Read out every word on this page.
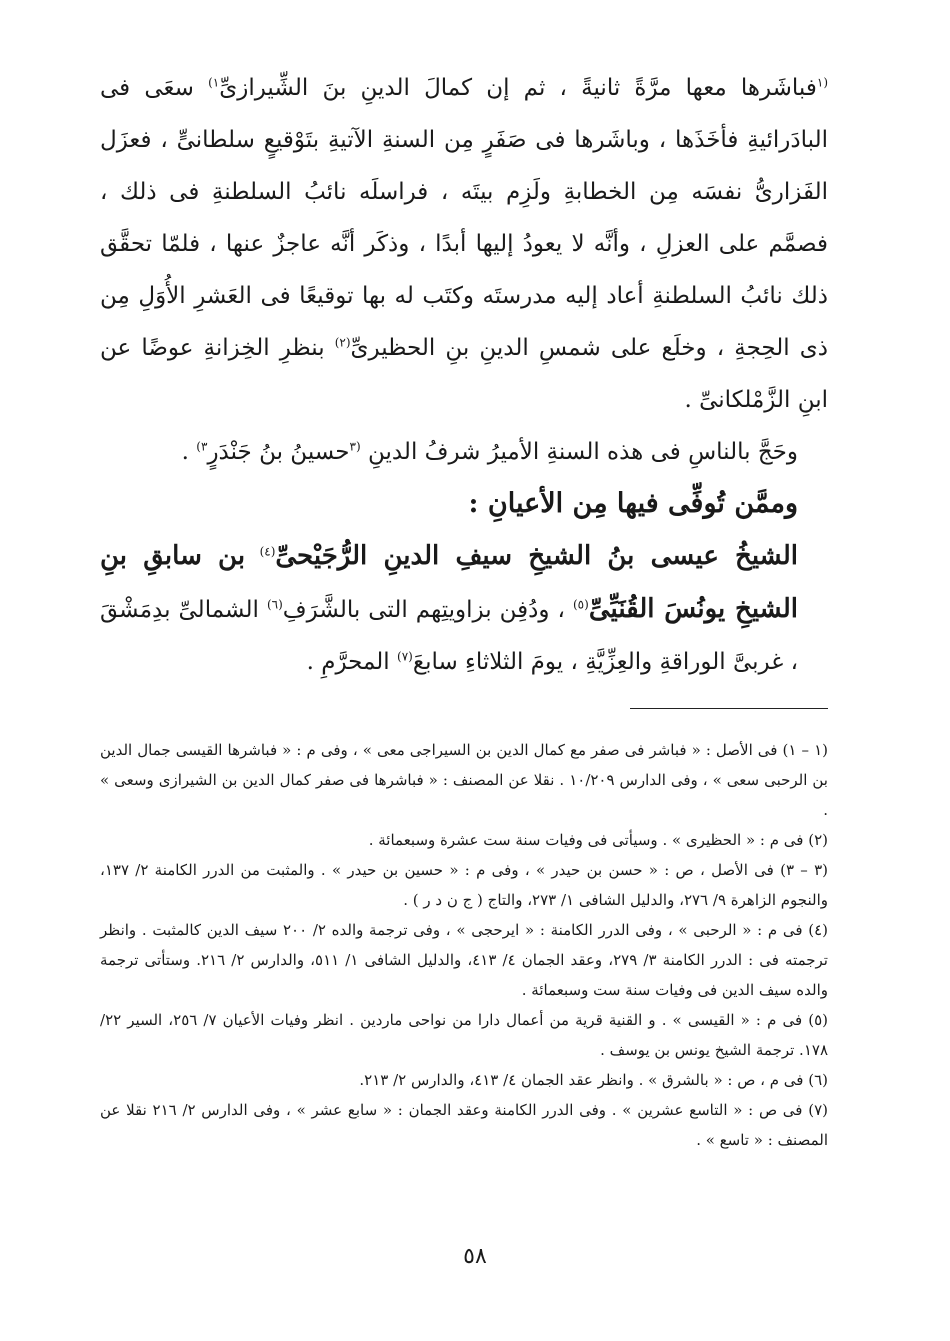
$^{(١}$فباشَرها معها مرَّةً ثانيةً ، ثم إن كمالَ الدينِ بنَ الشِّيرازىِّ$^{١)}$ سعَى فى البادَرائيةِ فأخَذَها ، وباشَرها فى صَفَرٍ مِن السنةِ الآتيةِ بتَوْقيعٍ سلطانىٍّ ، فعزَل الفَزارىُّ نفسَه مِن الخطابةِ ولَزِم بيتَه ، فراسلَه نائبُ السلطنةِ فى ذلك ، فصمَّم على العزلِ ، وأنَّه لا يعودُ إليها أبدًا ، وذكَر أنَّه عاجزٌ عنها ، فلمّا تحقَّق ذلك نائبُ السلطنةِ أعاد إليه مدرستَه وكتَب له بها توقيعًا فى العَشرِ الأُوَلِ مِن ذى الحِجةِ ، وخلَع على شمسِ الدينِ بنِ الحظيرىِّ$^{(٢)}$ بنظرِ الخِزانةِ عوضًا عن ابنِ الزَّمْلكانىِّ .

وحَجَّ بالناسِ فى هذه السنةِ الأميرُ شرفُ الدينِ $^{(٣}$حسينُ بنُ جَنْدَرٍ$^{٣)}$ .

وممَّن تُوفِّى فيها مِن الأعيانِ :

الشيخُ عيسى بنُ الشيخِ سيفِ الدينِ الرُّجَيْحىِّ$^{(٤)}$ بن سابقِ بنِ الشيخِ يونُسَ القُنَيِّىِّ$^{(٥)}$ ، ودُفِن بزاويتِهم التى بالشَّرَفِ$^{(٦)}$ الشمالىِّ بدِمَشْقَ ، غربىَّ الوراقةِ والعِزِّيَّةِ ، يومَ الثلاثاءِ سابعَ$^{(٧)}$ المحرَّمِ .

(١ – ١) فى الأصل : « فباشر فى صفر مع كمال الدين بن السيراجى معى » ، وفى م : « فباشرها القيسى جمال الدين بن الرحبى سعى » ، وفى الدارس ١٠/٢٠٩ . نقلا عن المصنف : « فباشرها فى صفر كمال الدين بن الشيرازى وسعى » .

(٢) فى م : « الحظيرى » . وسيأتى فى وفيات سنة ست عشرة وسبعمائة .

(٣ – ٣) فى الأصل ، ص : « حسن بن حيدر » ، وفى م : « حسين بن حيدر » . والمثبت من الدرر الكامنة ٢/ ١٣٧، والنجوم الزاهرة ٩/ ٢٧٦، والدليل الشافى ١/ ٢٧٣، والتاج ( ج ن د ر ) .

(٤) فى م : « الرحبى » ، وفى الدرر الكامنة : « ايرحجى » ، وفى ترجمة والده ٢/ ٢٠٠ سيف الدين كالمثبت . وانظر ترجمته فى : الدرر الكامنة ٣/ ٢٧٩، وعقد الجمان ٤/ ٤١٣، والدليل الشافى ١/ ٥١١، والدارس ٢/ ٢١٦. وستأتى ترجمة والده سيف الدين فى وفيات سنة ست وسبعمائة .

(٥) فى م : « القيسى » . و القنية قرية من أعمال دارا من نواحى ماردين . انظر وفيات الأعيان ٧/ ٢٥٦، السير ٢٢/ ١٧٨. ترجمة الشيخ يونس بن يوسف .

(٦) فى م ، ص : « بالشرق » . وانظر عقد الجمان ٤/ ٤١٣، والدارس ٢/ ٢١٣.

(٧) فى ص : « التاسع عشرين » . وفى الدرر الكامنة وعقد الجمان : « سابع عشر » ، وفى الدارس ٢/ ٢١٦ نقلا عن المصنف : « تاسع » .

٥٨
